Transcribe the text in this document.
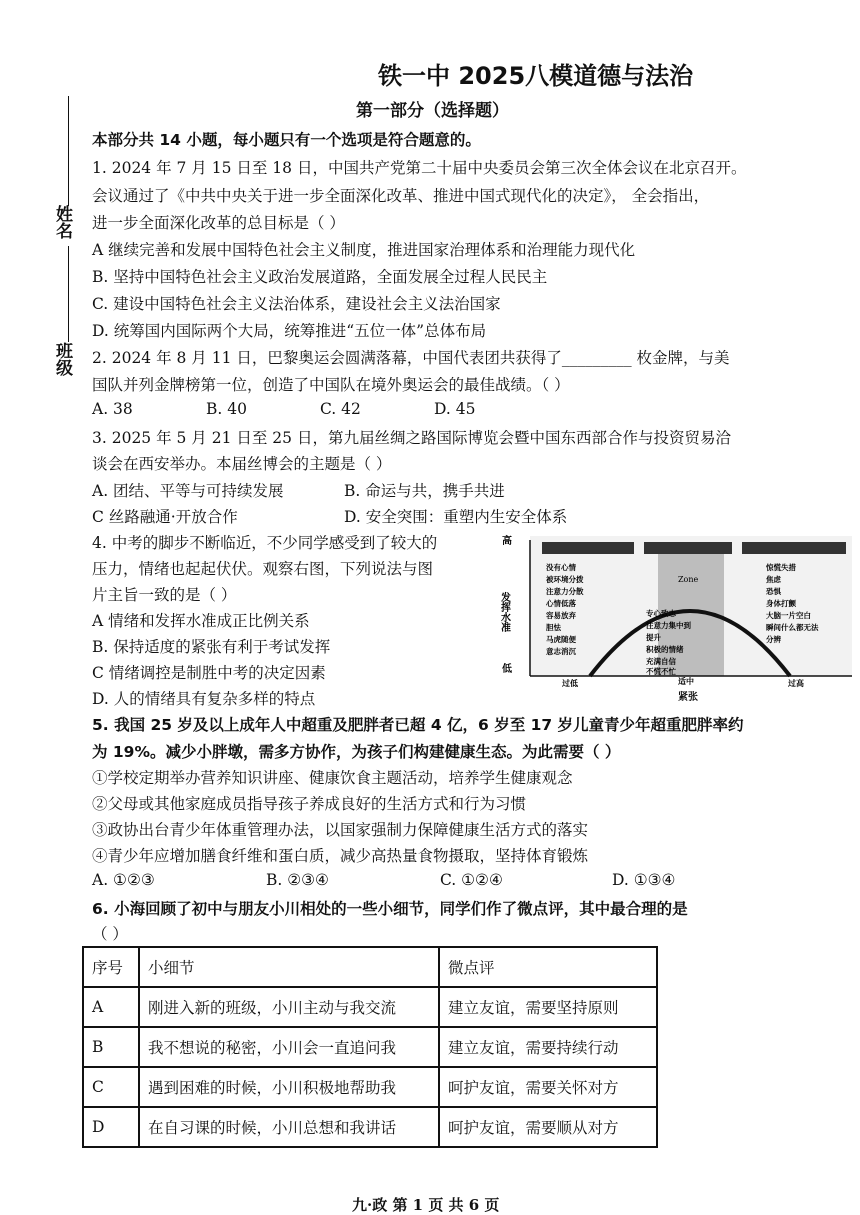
铁一中 2025八模道德与法治
第一部分（选择题）
本部分共 14 小题，每小题只有一个选项是符合题意的。
姓名
班级
1. 2024 年 7 月 15 日至 18 日，中国共产党第二十届中央委员会第三次全体会议在北京召开。
会议通过了《中共中央关于进一步全面深化改革、推进中国式现代化的决定》， 全会指出，
进一步全面深化改革的总目标是（ ）
A 继续完善和发展中国特色社会主义制度，推进国家治理体系和治理能力现代化
B. 坚持中国特色社会主义政治发展道路，全面发展全过程人民民主
C. 建设中国特色社会主义法治体系，建设社会主义法治国家
D. 统筹国内国际两个大局，统筹推进“五位一体”总体布局
2. 2024 年 8 月 11 日，巴黎奥运会圆满落幕，中国代表团共获得了_________ 枚金牌，与美
国队并列金牌榜第一位，创造了中国队在境外奥运会的最佳战绩。（ ）
A. 38	B. 40	C. 42	D. 45
3. 2025 年 5 月 21 日至 25 日，第九届丝绸之路国际博览会暨中国东西部合作与投资贸易洽
谈会在西安举办。本届丝博会的主题是（ ）
A. 团结、平等与可持续发展	B. 命运与共，携手共进
C 丝路融通·开放合作	D. 安全突围：重塑内生安全体系
4. 中考的脚步不断临近，不少同学感受到了较大的
压力，情绪也起起伏伏。观察右图，下列说法与图
片主旨一致的是（ ）
A 情绪和发挥水准成正比例关系
B. 保持适度的紧张有利于考试发挥
C 情绪调控是制胜中考的决定因素
D. 人的情绪具有复杂多样的特点
高
低
发挥水准
Zone
没有心情
被环境分拨
注意力分散
心情低落
容易放弃
胆怯
马虎随便
意志消沉
专心致志
注意力集中到
提升
积极的情绪
充满自信
不慌不忙
惊慌失措
焦虑
恐惧
身体打颤
大脑一片空白
瞬间什么都无法
分辨
过低	适中	过高
紧张
5. 我国 25 岁及以上成年人中超重及肥胖者已超 4 亿，6 岁至 17 岁儿童青少年超重肥胖率约
为 19%。减少小胖墩，需多方协作，为孩子们构建健康生态。为此需要（ ）
①学校定期举办营养知识讲座、健康饮食主题活动，培养学生健康观念
②父母或其他家庭成员指导孩子养成良好的生活方式和行为习惯
③政协出台青少年体重管理办法，以国家强制力保障健康生活方式的落实
④青少年应增加膳食纤维和蛋白质，减少高热量食物摄取，坚持体育锻炼
A. ①②③	B. ②③④	C. ①②④	D. ①③④
6. 小海回顾了初中与朋友小川相处的一些小细节，同学们作了微点评，其中最合理的是
（ ）
序号	小细节	微点评
A	刚进入新的班级，小川主动与我交流	建立友谊，需要坚持原则
B	我不想说的秘密，小川会一直追问我	建立友谊，需要持续行动
C	遇到困难的时候，小川积极地帮助我	呵护友谊，需要关怀对方
D	在自习课的时候，小川总想和我讲话	呵护友谊，需要顺从对方
九·政 第 1 页 共 6 页
